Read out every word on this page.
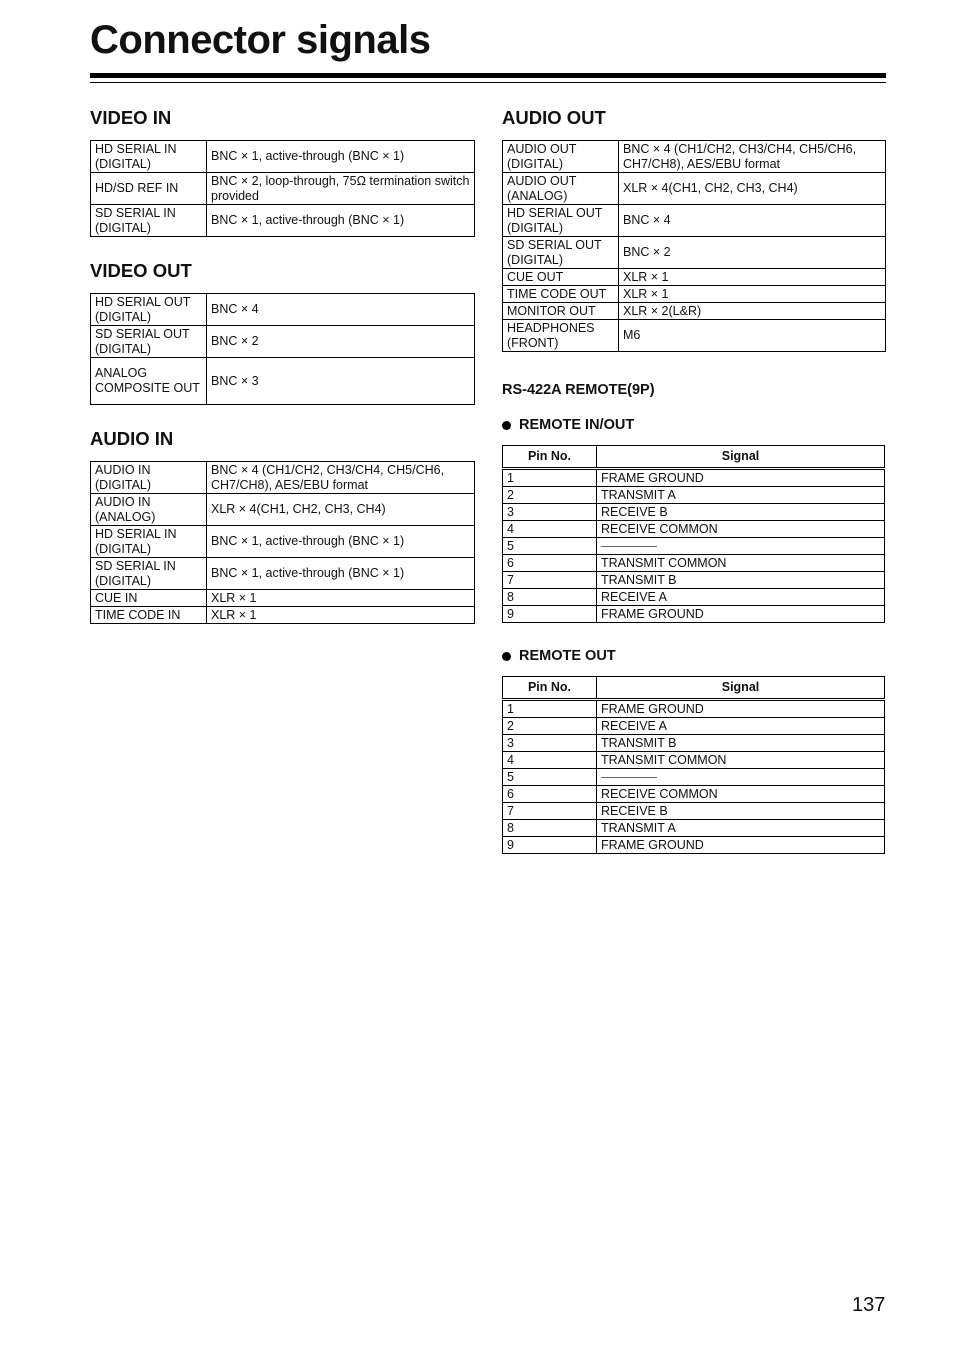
Connector signals
VIDEO IN
HD SERIAL IN (DIGITAL)	BNC × 1, active-through (BNC × 1)
HD/SD REF IN	BNC × 2, loop-through, 75Ω termination switch provided
SD SERIAL IN (DIGITAL)	BNC × 1, active-through (BNC × 1)
VIDEO OUT
HD SERIAL OUT (DIGITAL)	BNC × 4
SD SERIAL OUT (DIGITAL)	BNC × 2
ANALOG COMPOSITE OUT	BNC × 3
AUDIO IN
AUDIO IN (DIGITAL)	BNC × 4 (CH1/CH2, CH3/CH4, CH5/CH6, CH7/CH8), AES/EBU format
AUDIO IN (ANALOG)	XLR × 4(CH1, CH2, CH3, CH4)
HD SERIAL IN (DIGITAL)	BNC × 1, active-through (BNC × 1)
SD SERIAL IN (DIGITAL)	BNC × 1, active-through (BNC × 1)
CUE IN	XLR × 1
TIME CODE IN	XLR × 1
AUDIO OUT
AUDIO OUT (DIGITAL)	BNC × 4 (CH1/CH2, CH3/CH4, CH5/CH6, CH7/CH8), AES/EBU format
AUDIO OUT (ANALOG)	XLR × 4(CH1, CH2, CH3, CH4)
HD SERIAL OUT (DIGITAL)	BNC × 4
SD SERIAL OUT (DIGITAL)	BNC × 2
CUE OUT	XLR × 1
TIME CODE OUT	XLR × 1
MONITOR OUT	XLR × 2(L&R)
HEADPHONES (FRONT)	M6
RS-422A REMOTE(9P)
REMOTE IN/OUT
Pin No.	Signal
1	FRAME GROUND
2	TRANSMIT A
3	RECEIVE B
4	RECEIVE COMMON
5	
6	TRANSMIT COMMON
7	TRANSMIT B
8	RECEIVE A
9	FRAME GROUND
REMOTE OUT
Pin No.	Signal
1	FRAME GROUND
2	RECEIVE A
3	TRANSMIT B
4	TRANSMIT COMMON
5	
6	RECEIVE COMMON
7	RECEIVE B
8	TRANSMIT A
9	FRAME GROUND
137
